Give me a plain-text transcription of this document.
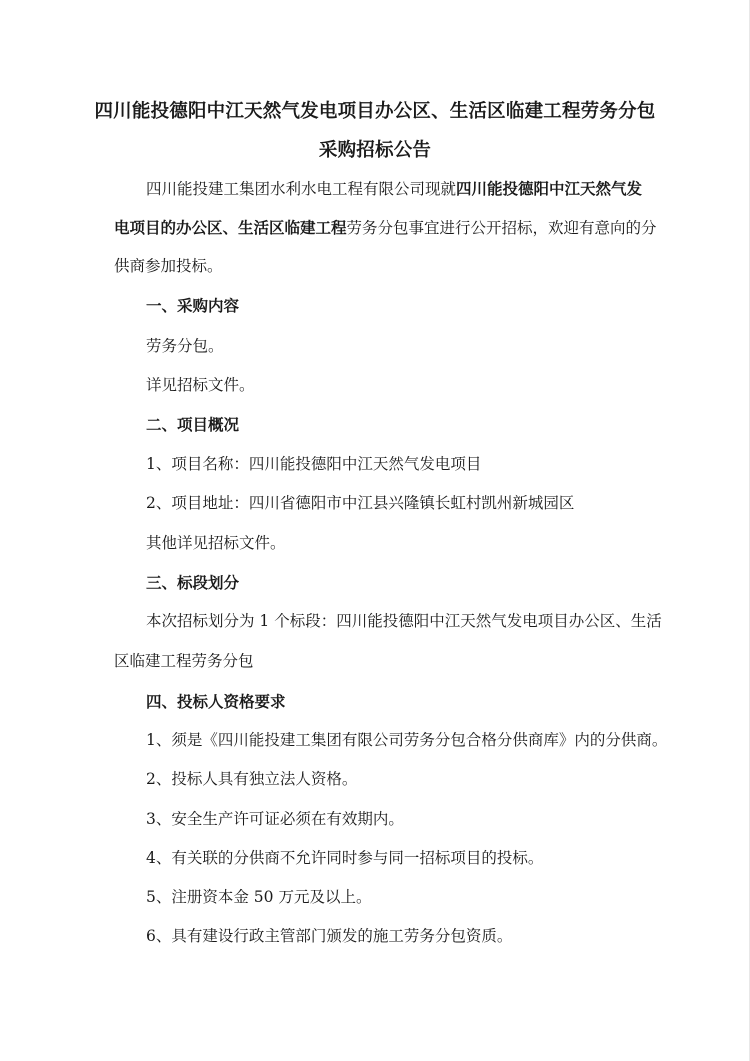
四川能投德阳中江天然气发电项目办公区、生活区临建工程劳务分包
采购招标公告

四川能投建工集团水利水电工程有限公司现就四川能投德阳中江天然气发

电项目的办公区、生活区临建工程劳务分包事宜进行公开招标，欢迎有意向的分

供商参加投标。

一、采购内容

劳务分包。

详见招标文件。

二、项目概况

1、项目名称：四川能投德阳中江天然气发电项目

2、项目地址：四川省德阳市中江县兴隆镇长虹村凯州新城园区

其他详见招标文件。

三、标段划分

本次招标划分为 1 个标段：四川能投德阳中江天然气发电项目办公区、生活

区临建工程劳务分包

四、投标人资格要求

1、须是《四川能投建工集团有限公司劳务分包合格分供商库》内的分供商。

2、投标人具有独立法人资格。

3、安全生产许可证必须在有效期内。

4、有关联的分供商不允许同时参与同一招标项目的投标。

5、注册资本金 50 万元及以上。

6、具有建设行政主管部门颁发的施工劳务分包资质。
